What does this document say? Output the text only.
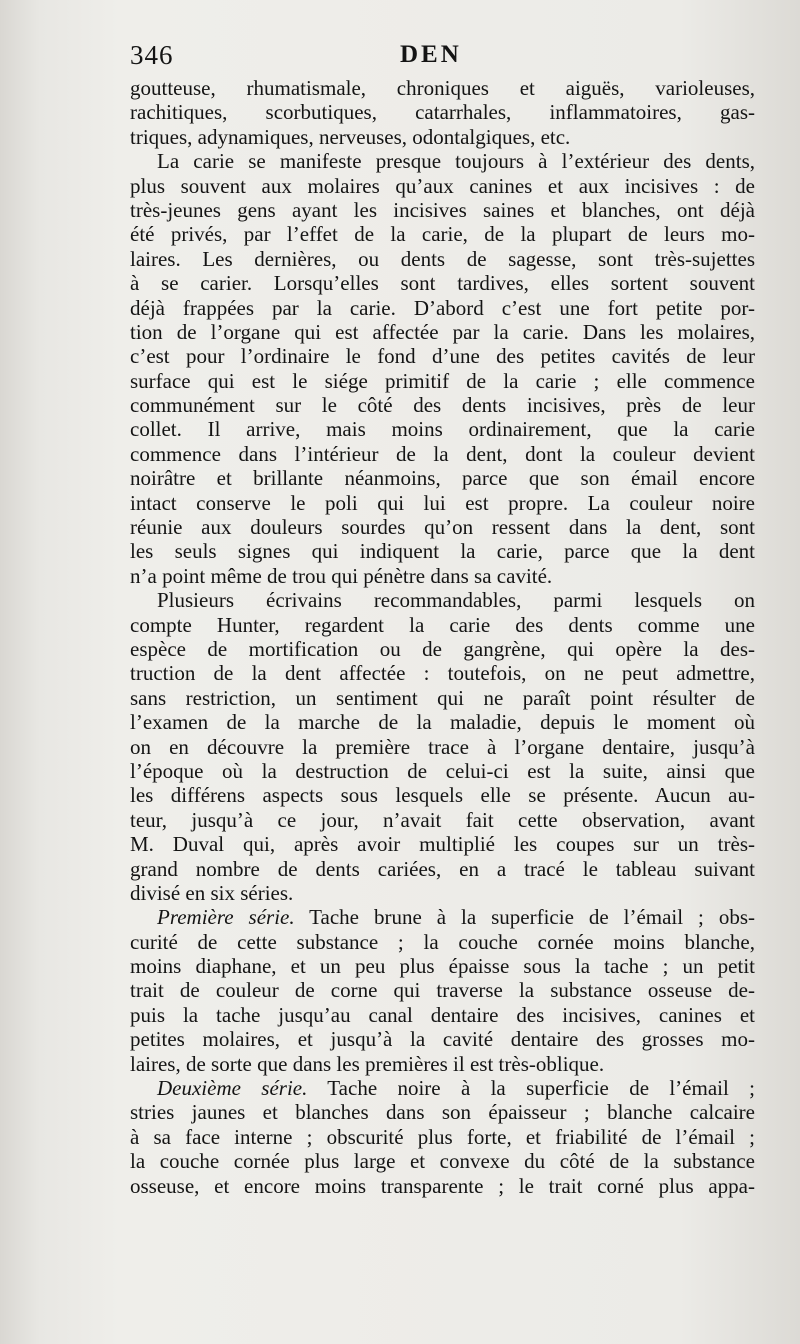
346	DEN
goutteuse, rhumatismale, chroniques et aiguës, varioleuses,
rachitiques, scorbutiques, catarrhales, inflammatoires, gas-
triques, adynamiques, nerveuses, odontalgiques, etc.
La carie se manifeste presque toujours à l’extérieur des dents,
plus souvent aux molaires qu’aux canines et aux incisives : de
très-jeunes gens ayant les incisives saines et blanches, ont déjà
été privés, par l’effet de la carie, de la plupart de leurs mo-
laires. Les dernières, ou dents de sagesse, sont très-sujettes
à se carier. Lorsqu’elles sont tardives, elles sortent souvent
déjà frappées par la carie. D’abord c’est une fort petite por-
tion de l’organe qui est affectée par la carie. Dans les molaires,
c’est pour l’ordinaire le fond d’une des petites cavités de leur
surface qui est le siége primitif de la carie ; elle commence
communément sur le côté des dents incisives, près de leur
collet. Il arrive, mais moins ordinairement, que la carie
commence dans l’intérieur de la dent, dont la couleur devient
noirâtre et brillante néanmoins, parce que son émail encore
intact conserve le poli qui lui est propre. La couleur noire
réunie aux douleurs sourdes qu’on ressent dans la dent, sont
les seuls signes qui indiquent la carie, parce que la dent
n’a point même de trou qui pénètre dans sa cavité.
Plusieurs écrivains recommandables, parmi lesquels on
compte Hunter, regardent la carie des dents comme une
espèce de mortification ou de gangrène, qui opère la des-
truction de la dent affectée : toutefois, on ne peut admettre,
sans restriction, un sentiment qui ne paraît point résulter de
l’examen de la marche de la maladie, depuis le moment où
on en découvre la première trace à l’organe dentaire, jusqu’à
l’époque où la destruction de celui-ci est la suite, ainsi que
les différens aspects sous lesquels elle se présente. Aucun au-
teur, jusqu’à ce jour, n’avait fait cette observation, avant
M. Duval qui, après avoir multiplié les coupes sur un très-
grand nombre de dents cariées, en a tracé le tableau suivant
divisé en six séries.
Première série. Tache brune à la superficie de l’émail ; obs-
curité de cette substance ; la couche cornée moins blanche,
moins diaphane, et un peu plus épaisse sous la tache ; un petit
trait de couleur de corne qui traverse la substance osseuse de-
puis la tache jusqu’au canal dentaire des incisives, canines et
petites molaires, et jusqu’à la cavité dentaire des grosses mo-
laires, de sorte que dans les premières il est très-oblique.
Deuxième série. Tache noire à la superficie de l’émail ;
stries jaunes et blanches dans son épaisseur ; blanche calcaire
à sa face interne ; obscurité plus forte, et friabilité de l’émail ;
la couche cornée plus large et convexe du côté de la substance
osseuse, et encore moins transparente ; le trait corné plus appa-
